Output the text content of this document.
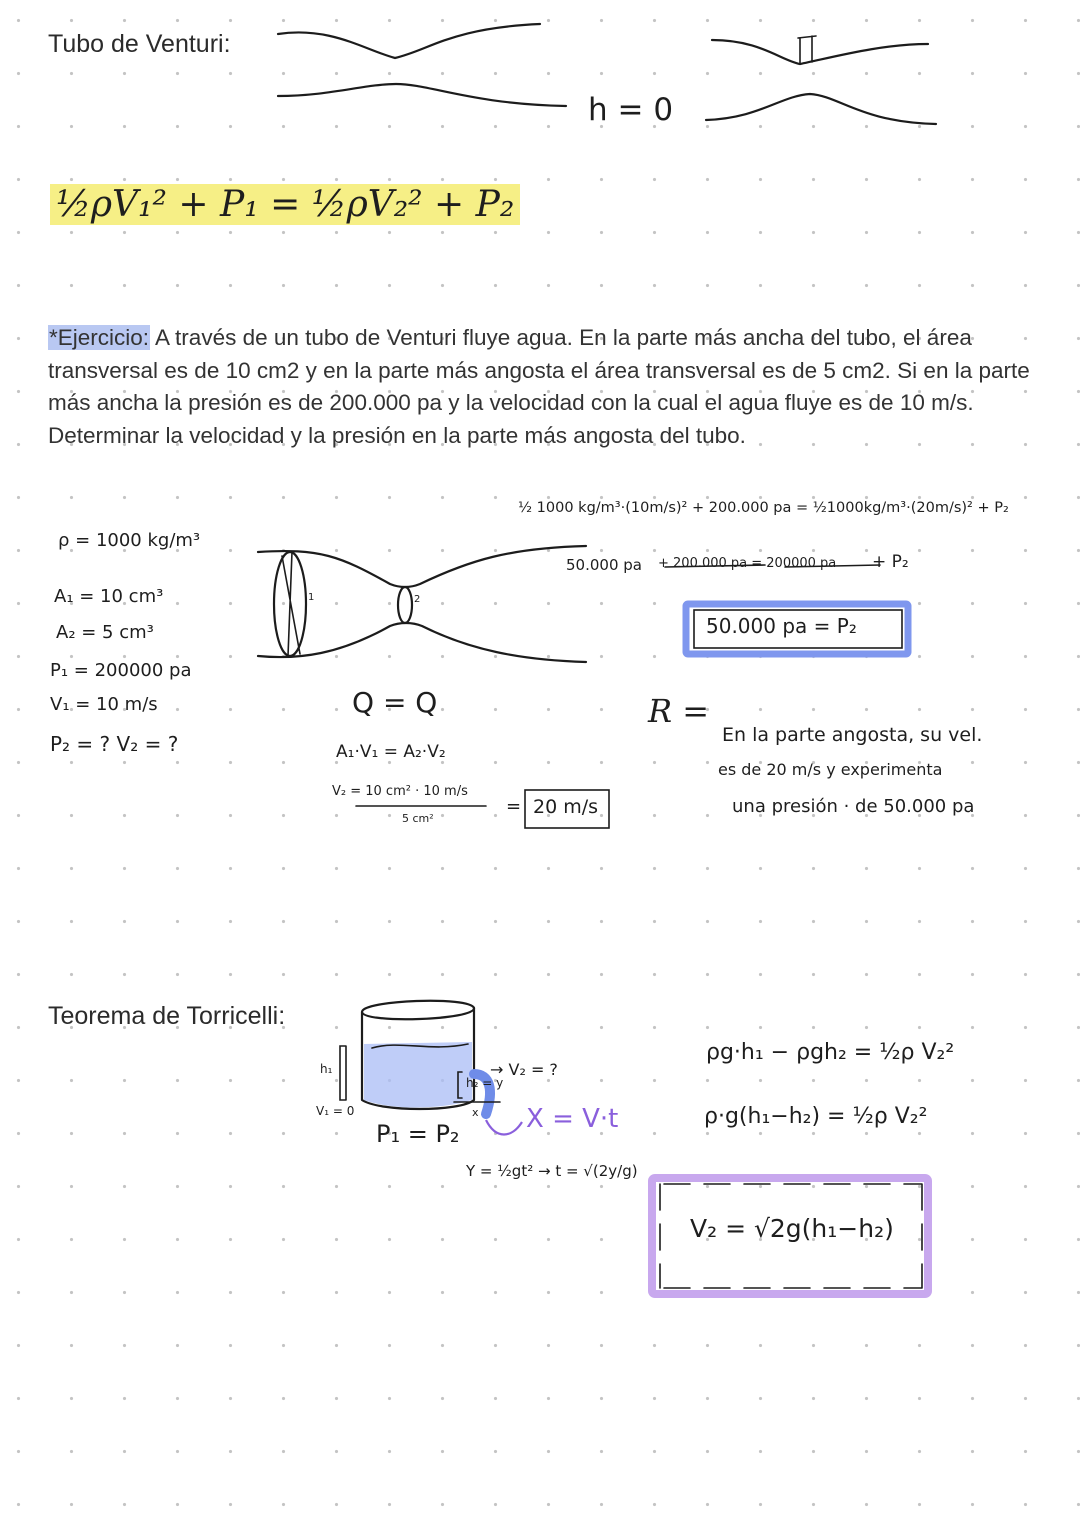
Tubo de Venturi:
h = 0
½ρV₁² + P₁ = ½ρV₂² + P₂
*Ejercicio: A través de un tubo de Venturi fluye agua. En la parte más ancha del tubo, el área transversal es de 10 cm2 y en la parte más angosta el área transversal es de 5 cm2. Si en la parte más ancha la presión es de 200.000 pa y la velocidad con la cual el agua fluye es de 10 m/s. Determinar la velocidad y la presión en la parte más angosta del tubo.
ρ = 1000 kg/m³
A₁ = 10 cm³
A₂ = 5 cm³
P₁ = 200000 pa
V₁ = 10 m/s
P₂ = ? V₂ = ?
1	2
Q = Q
A₁·V₁ = A₂·V₂
V₂ = 10 cm² · 10 m/s
5 cm²
= 20 m/s
½ 1000 kg/m³·(10m/s)² + 200.000 pa = ½1000kg/m³·(20m/s)² + P₂
50.000 pa + 200.000 pa = 200000 pa + P₂
50.000 pa = P₂
R =
En la parte angosta, su vel.
es de 20 m/s y experimenta
una presión · de 50.000 pa
Teorema de Torricelli:
h₁
V₁ = 0
→ V₂ = ?
h₂ = y
x
P₁ = P₂	X = V·t
Y = ½gt² → t = √(2y/g)
ρg·h₁ − ρgh₂ = ½ρ V₂²
ρ·g(h₁−h₂) = ½ρ V₂²
V₂ = √2g(h₁−h₂)
